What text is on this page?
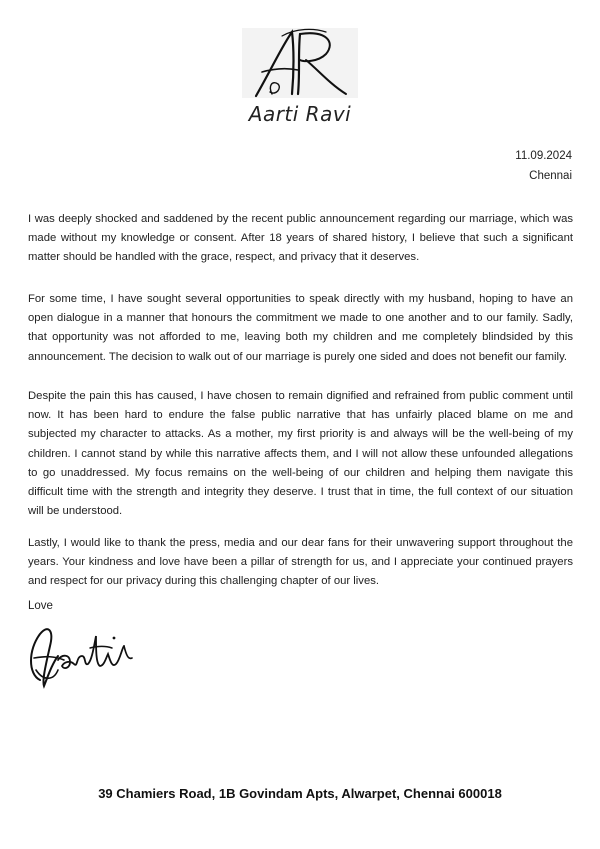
Aarti Ravi
11.09.2024
Chennai

I was deeply shocked and saddened by the recent public announcement regarding our marriage, which was made without my knowledge or consent. After 18 years of shared history, I believe that such a significant matter should be handled with the grace, respect, and privacy that it deserves.

For some time, I have sought several opportunities to speak directly with my husband, hoping to have an open dialogue in a manner that honours the commitment we made to one another and to our family. Sadly, that opportunity was not afforded to me, leaving both my children and me completely blindsided by this announcement. The decision to walk out of our marriage is purely one sided and does not benefit our family.

Despite the pain this has caused, I have chosen to remain dignified and refrained from public comment until now. It has been hard to endure the false public narrative that has unfairly placed blame on me and subjected my character to attacks. As a mother, my first priority is and always will be the well-being of my children. I cannot stand by while this narrative affects them, and I will not allow these unfounded allegations to go unaddressed. My focus remains on the well-being of our children and helping them navigate this difficult time with the strength and integrity they deserve. I trust that in time, the full context of our situation will be understood.

Lastly, I would like to thank the press, media and our dear fans for their unwavering support throughout the years. Your kindness and love have been a pillar of strength for us, and I appreciate your continued prayers and respect for our privacy during this challenging chapter of our lives.

Love
39 Chamiers Road, 1B Govindam Apts, Alwarpet, Chennai 600018
